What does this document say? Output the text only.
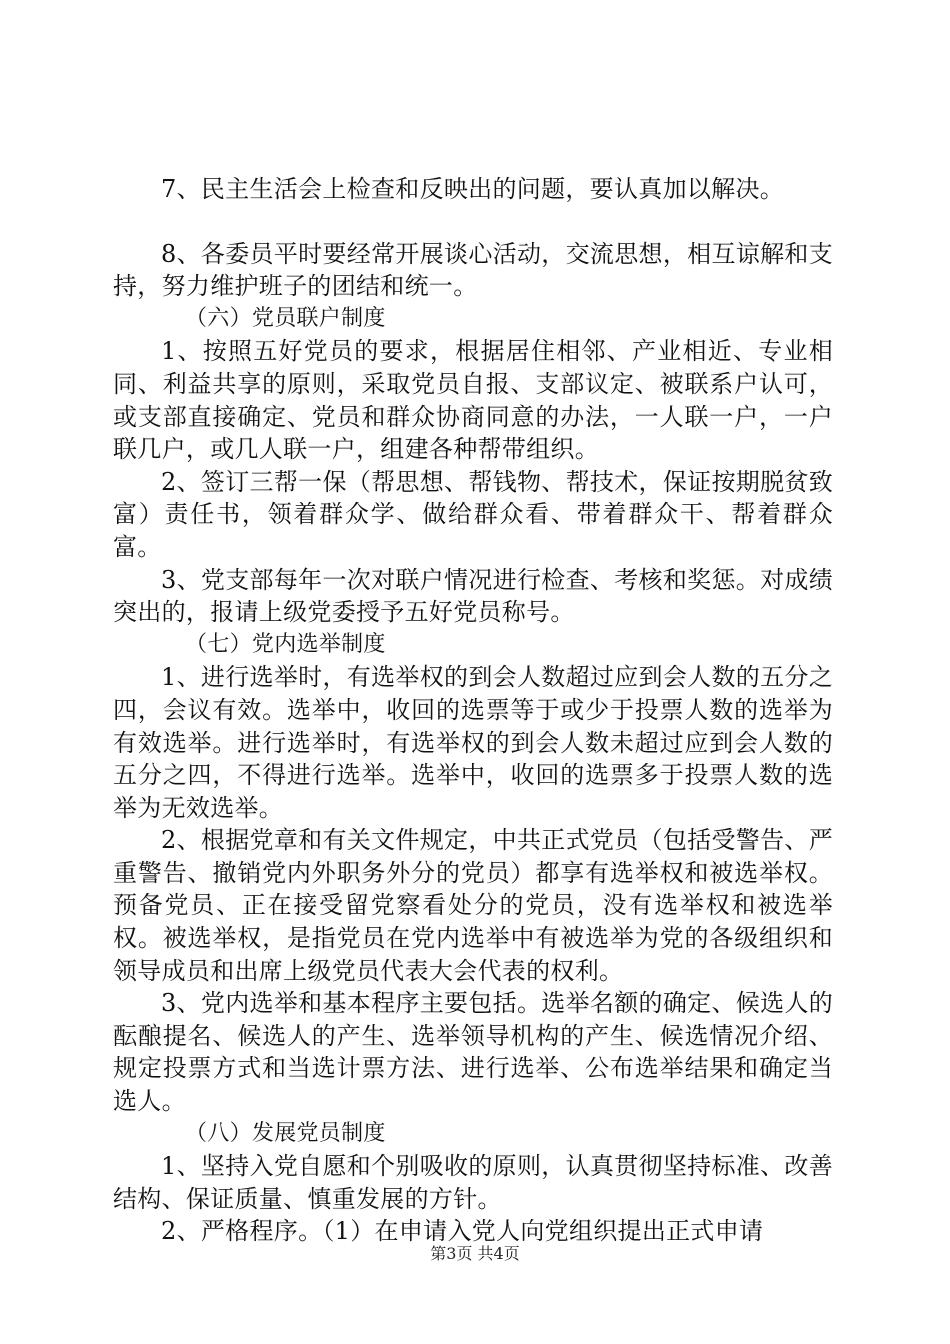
7、民主生活会上检查和反映出的问题，要认真加以解决。

8、各委员平时要经常开展谈心活动，交流思想，相互谅解和支持，努力维护班子的团结和统一。

（六）党员联户制度

1、按照五好党员的要求，根据居住相邻、产业相近、专业相同、利益共享的原则，采取党员自报、支部议定、被联系户认可，或支部直接确定、党员和群众协商同意的办法，一人联一户，一户联几户，或几人联一户，组建各种帮带组织。

2、签订三帮一保（帮思想、帮钱物、帮技术，保证按期脱贫致富）责任书，领着群众学、做给群众看、带着群众干、帮着群众富。

3、党支部每年一次对联户情况进行检查、考核和奖惩。对成绩突出的，报请上级党委授予五好党员称号。

（七）党内选举制度

1、进行选举时，有选举权的到会人数超过应到会人数的五分之四，会议有效。选举中，收回的选票等于或少于投票人数的选举为有效选举。进行选举时，有选举权的到会人数未超过应到会人数的五分之四，不得进行选举。选举中，收回的选票多于投票人数的选举为无效选举。

2、根据党章和有关文件规定，中共正式党员（包括受警告、严重警告、撤销党内外职务外分的党员）都享有选举权和被选举权。预备党员、正在接受留党察看处分的党员，没有选举权和被选举权。被选举权，是指党员在党内选举中有被选举为党的各级组织和领导成员和出席上级党员代表大会代表的权利。

3、党内选举和基本程序主要包括。选举名额的确定、候选人的酝酿提名、候选人的产生、选举领导机构的产生、候选情况介绍、规定投票方式和当选计票方法、进行选举、公布选举结果和确定当选人。

（八）发展党员制度

1、坚持入党自愿和个别吸收的原则，认真贯彻坚持标准、改善结构、保证质量、慎重发展的方针。

2、严格程序。（1）在申请入党人向党组织提出正式申请

第3页 共4页
